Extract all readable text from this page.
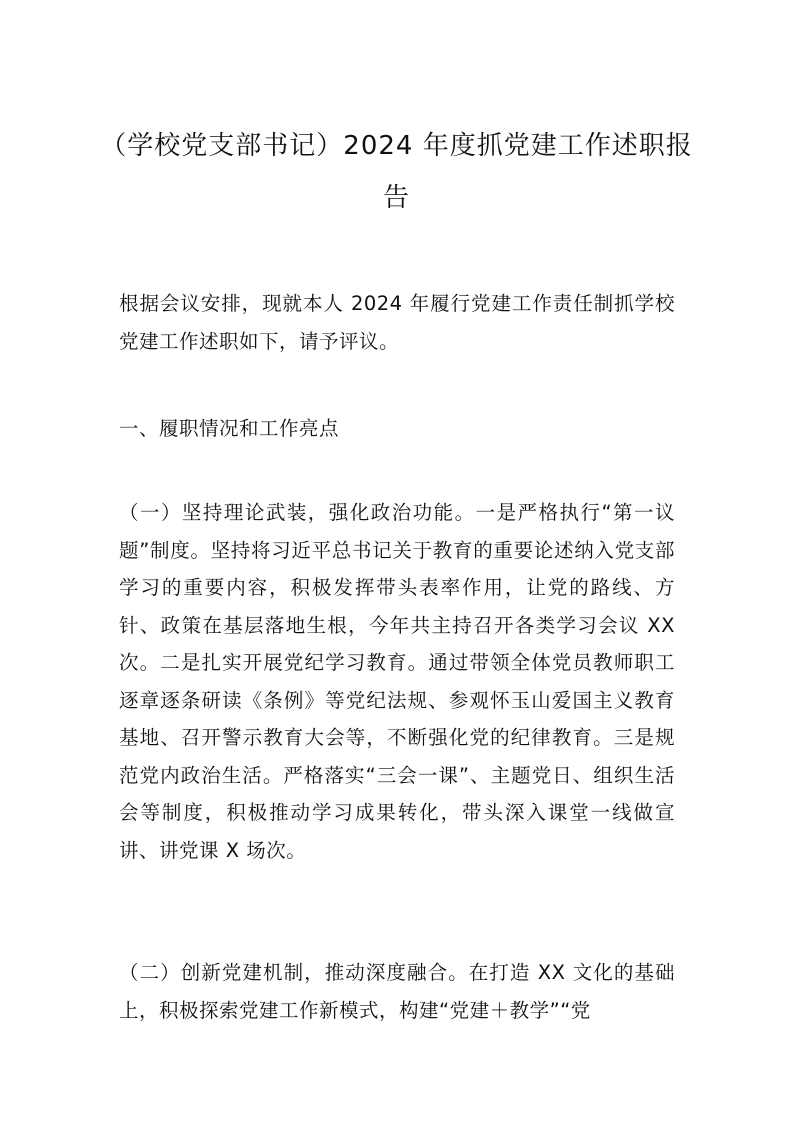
（学校党支部书记）2024 年度抓党建工作述职报告

根据会议安排，现就本人 2024 年履行党建工作责任制抓学校党建工作述职如下，请予评议。

一、履职情况和工作亮点

（一）坚持理论武装，强化政治功能。一是严格执行“第一议题”制度。坚持将习近平总书记关于教育的重要论述纳入党支部学习的重要内容，积极发挥带头表率作用，让党的路线、方针、政策在基层落地生根，今年共主持召开各类学习会议 XX 次。二是扎实开展党纪学习教育。通过带领全体党员教师职工逐章逐条研读《条例》等党纪法规、参观怀玉山爱国主义教育基地、召开警示教育大会等，不断强化党的纪律教育。三是规范党内政治生活。严格落实“三会一课”、主题党日、组织生活会等制度，积极推动学习成果转化，带头深入课堂一线做宣讲、讲党课 X 场次。

（二）创新党建机制，推动深度融合。在打造 XX 文化的基础上，积极探索党建工作新模式，构建“党建＋教学”“党
